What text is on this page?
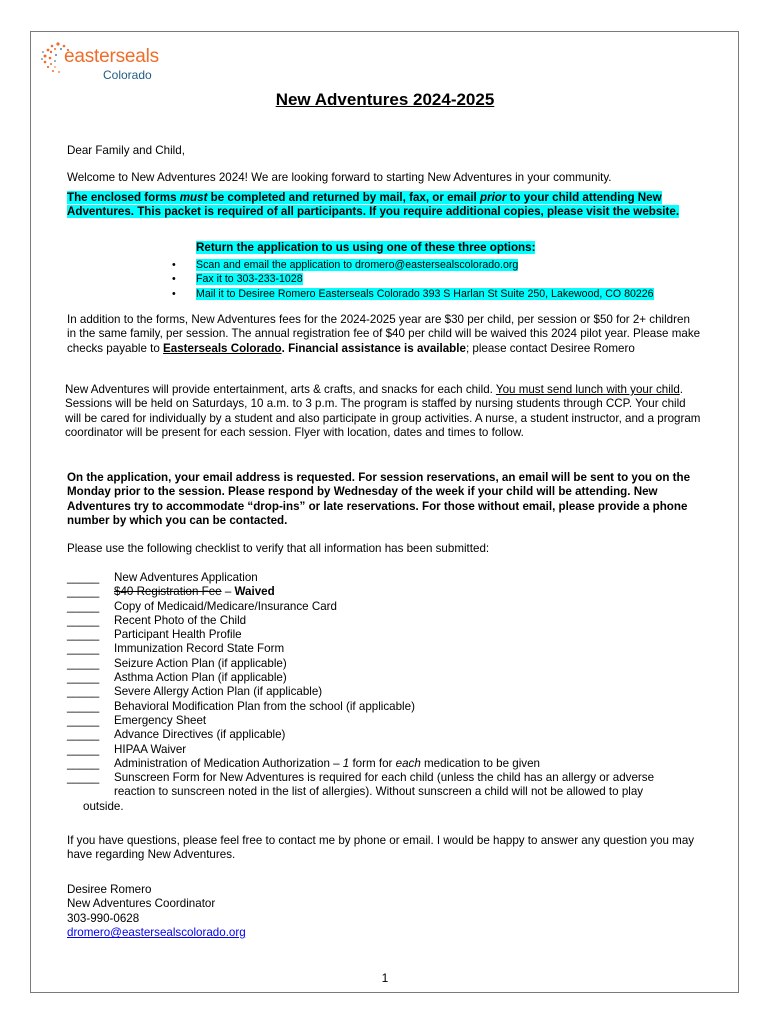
easterseals
Colorado
New Adventures 2024-2025
Dear Family and Child,
Welcome to New Adventures 2024! We are looking forward to starting New Adventures in your community.
The enclosed forms must be completed and returned by mail, fax, or email prior to your child attending New Adventures. This packet is required of all participants. If you require additional copies, please visit the website.
Return the application to us using one of these three options:
• Scan and email the application to dromero@eastersealscolorado.org
• Fax it to 303-233-1028
• Mail it to Desiree Romero Easterseals Colorado 393 S Harlan St Suite 250, Lakewood, CO 80226
In addition to the forms, New Adventures fees for the 2024-2025 year are $30 per child, per session or $50 for 2+ children in the same family, per session. The annual registration fee of $40 per child will be waived this 2024 pilot year. Please make checks payable to Easterseals Colorado. Financial assistance is available; please contact Desiree Romero
New Adventures will provide entertainment, arts & crafts, and snacks for each child. You must send lunch with your child. Sessions will be held on Saturdays, 10 a.m. to 3 p.m. The program is staffed by nursing students through CCP. Your child will be cared for individually by a student and also participate in group activities. A nurse, a student instructor, and a program coordinator will be present for each session. Flyer with location, dates and times to follow.
On the application, your email address is requested. For session reservations, an email will be sent to you on the Monday prior to the session. Please respond by Wednesday of the week if your child will be attending. New Adventures try to accommodate “drop-ins” or late reservations. For those without email, please provide a phone number by which you can be contacted.
Please use the following checklist to verify that all information has been submitted:
_____ New Adventures Application
_____ $40 Registration Fee – Waived
_____ Copy of Medicaid/Medicare/Insurance Card
_____ Recent Photo of the Child
_____ Participant Health Profile
_____ Immunization Record State Form
_____ Seizure Action Plan (if applicable)
_____ Asthma Action Plan (if applicable)
_____ Severe Allergy Action Plan (if applicable)
_____ Behavioral Modification Plan from the school (if applicable)
_____ Emergency Sheet
_____ Advance Directives (if applicable)
_____ HIPAA Waiver
_____ Administration of Medication Authorization – 1 form for each medication to be given
_____ Sunscreen Form for New Adventures is required for each child (unless the child has an allergy or adverse
reaction to sunscreen noted in the list of allergies). Without sunscreen a child will not be allowed to play
outside.
If you have questions, please feel free to contact me by phone or email. I would be happy to answer any question you may have regarding New Adventures.
Desiree Romero
New Adventures Coordinator
303-990-0628
dromero@eastersealscolorado.org
1
